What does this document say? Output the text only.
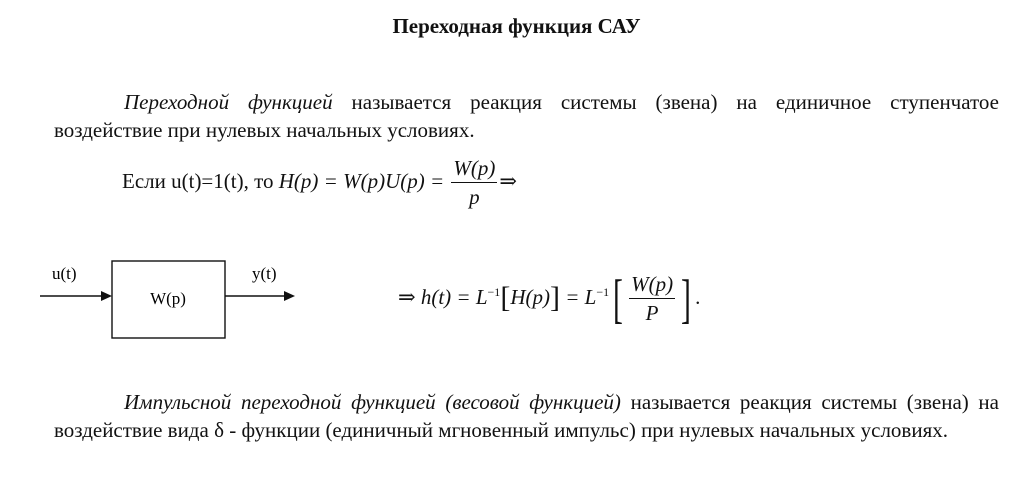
Переходная функция САУ
Переходной функцией называется реакция системы (звена) на единичное ступенчатое воздействие при нулевых начальных условиях.
Если u(t)=1(t), то $H(p) = W(p)U(p) = \frac{W(p)}{p}$ ⇒
u(t)
W(p)
y(t)
⇒ $h(t) = L^{-1}[H(p)] = L^{-1}[ \frac{W(p)}{P}$ ] .
Импульсной переходной функцией (весовой функцией) называется реакция системы (звена) на воздействие вида δ - функции (единичный мгновенный импульс) при нулевых начальных условиях.
